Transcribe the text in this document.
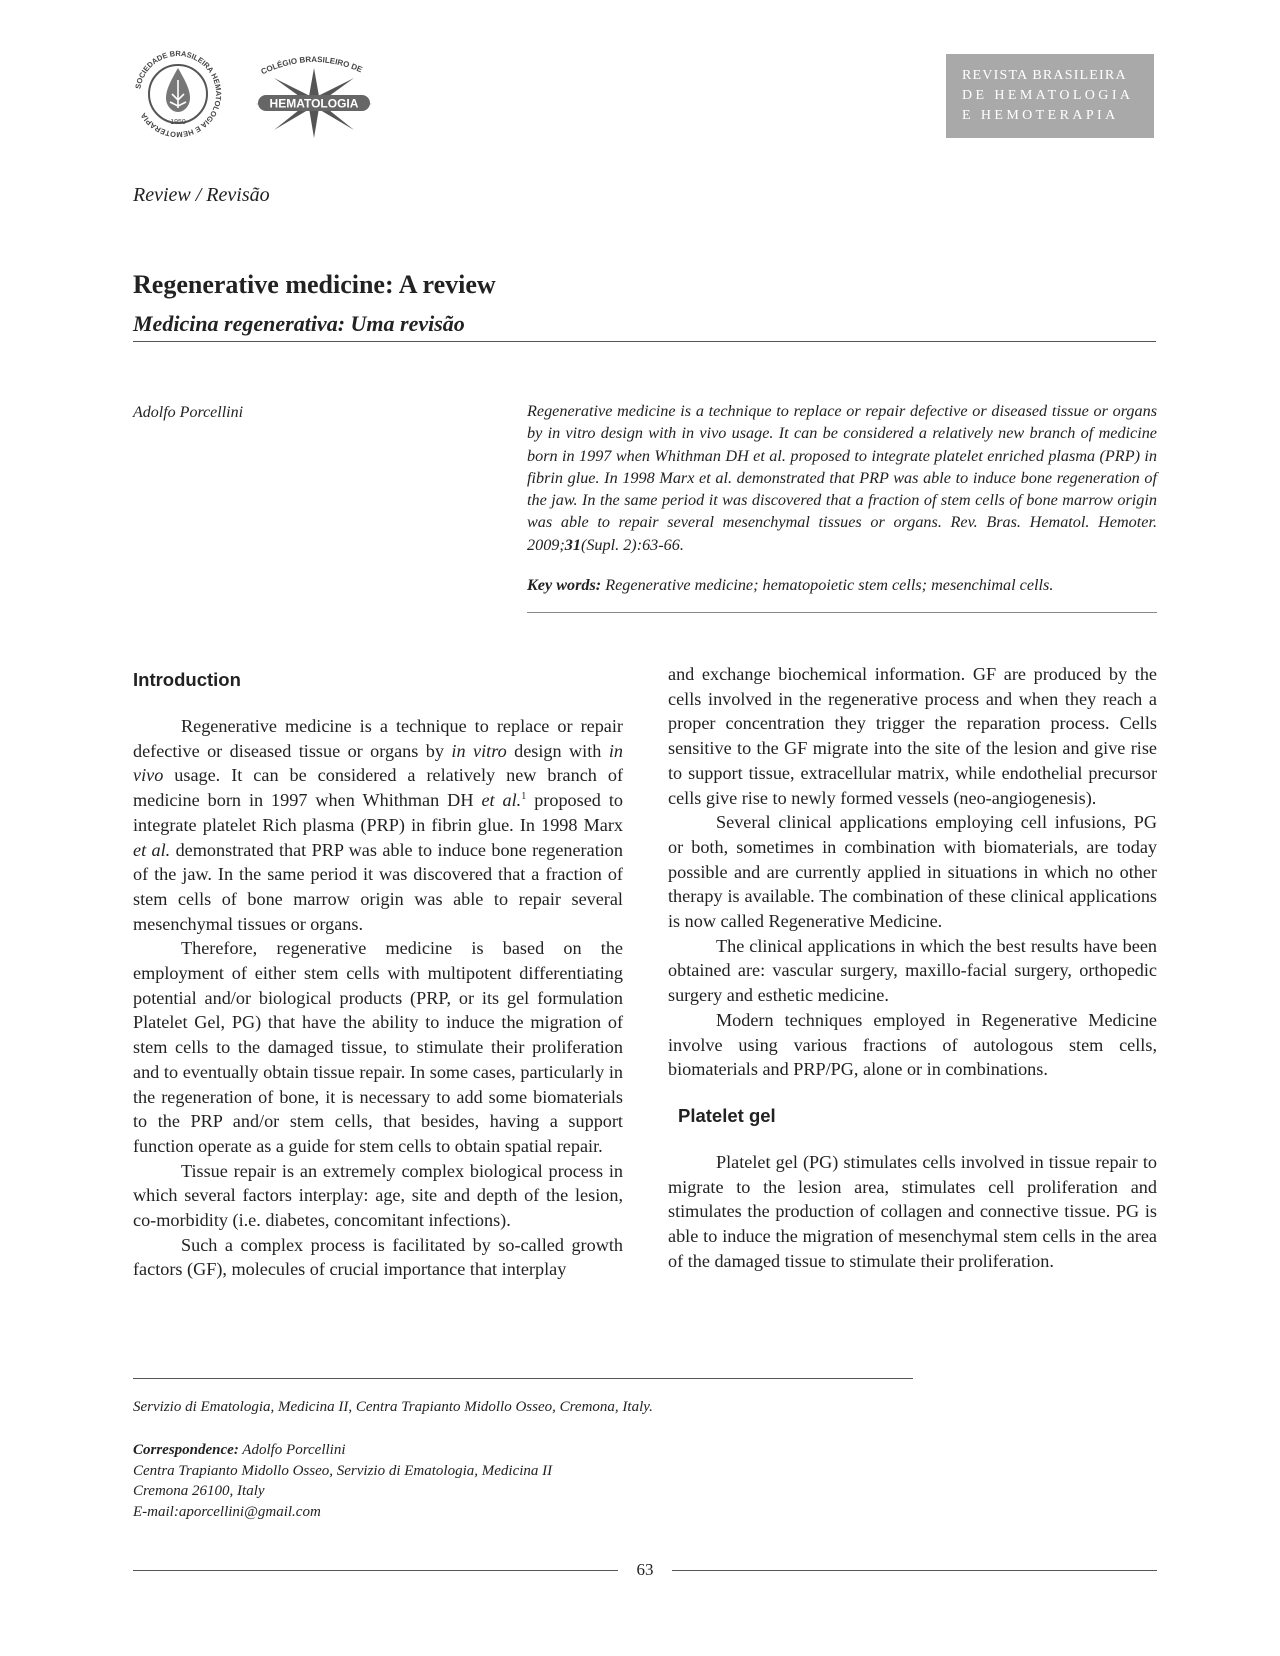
SOCIEDADE BRASILEIRA HEMATOLOGIA E HEMOTERAPIA
1950
COLÉGIO BRASILEIRO DE
HEMATOLOGIA
REVISTA BRASILEIRA
DE HEMATOLOGIA
E HEMOTERAPIA
Review / Revisão
Regenerative medicine: A review
Medicina regenerativa: Uma revisão
Adolfo Porcellini	Regenerative medicine is a technique to replace or repair defective or diseased tissue or organs by in vitro design with in vivo usage. It can be considered a relatively new branch of medicine born in 1997 when Whithman DH et al. proposed to integrate platelet enriched plasma (PRP) in fibrin glue. In 1998 Marx et al. demonstrated that PRP was able to induce bone regeneration of the jaw. In the same period it was discovered that a fraction of stem cells of bone marrow origin was able to repair several mesenchymal tissues or organs. Rev. Bras. Hematol. Hemoter. 2009;31(Supl. 2):63-66.
Key words: Regenerative medicine; hematopoietic stem cells; mesenchimal cells.
Introduction

Regenerative medicine is a technique to replace or repair defective or diseased tissue or organs by in vitro design with in vivo usage. It can be considered a relatively new branch of medicine born in 1997 when Whithman DH et al.$^1$ proposed to integrate platelet Rich plasma (PRP) in fibrin glue. In 1998 Marx et al. demonstrated that PRP was able to induce bone regeneration of the jaw. In the same period it was discovered that a fraction of stem cells of bone marrow origin was able to repair several mesenchymal tissues or organs.

Therefore, regenerative medicine is based on the employment of either stem cells with multipotent differentiating potential and/or biological products (PRP, or its gel formulation Platelet Gel, PG) that have the ability to induce the migration of stem cells to the damaged tissue, to stimulate their proliferation and to eventually obtain tissue repair. In some cases, particularly in the regeneration of bone, it is necessary to add some biomaterials to the PRP and/or stem cells, that besides, having a support function operate as a guide for stem cells to obtain spatial repair.

Tissue repair is an extremely complex biological process in which several factors interplay: age, site and depth of the lesion, co-morbidity (i.e. diabetes, concomitant infections).

Such a complex process is facilitated by so-called growth factors (GF), molecules of crucial importance that interplay

and exchange biochemical information. GF are produced by the cells involved in the regenerative process and when they reach a proper concentration they trigger the reparation process. Cells sensitive to the GF migrate into the site of the lesion and give rise to support tissue, extracellular matrix, while endothelial precursor cells give rise to newly formed vessels (neo-angiogenesis).

Several clinical applications employing cell infusions, PG or both, sometimes in combination with biomaterials, are today possible and are currently applied in situations in which no other therapy is available. The combination of these clinical applications is now called Regenerative Medicine.

The clinical applications in which the best results have been obtained are: vascular surgery, maxillo-facial surgery, orthopedic surgery and esthetic medicine.

Modern techniques employed in Regenerative Medicine involve using various fractions of autologous stem cells, biomaterials and PRP/PG, alone or in combinations.

Platelet gel

Platelet gel (PG) stimulates cells involved in tissue repair to migrate to the lesion area, stimulates cell proliferation and stimulates the production of collagen and connective tissue. PG is able to induce the migration of mesenchymal stem cells in the area of the damaged tissue to stimulate their proliferation.

Servizio di Ematologia, Medicina II, Centra Trapianto Midollo Osseo, Cremona, Italy.
Correspondence: Adolfo Porcellini
Centra Trapianto Midollo Osseo, Servizio di Ematologia, Medicina II
Cremona 26100, Italy
E-mail:aporcellini@gmail.com
63
